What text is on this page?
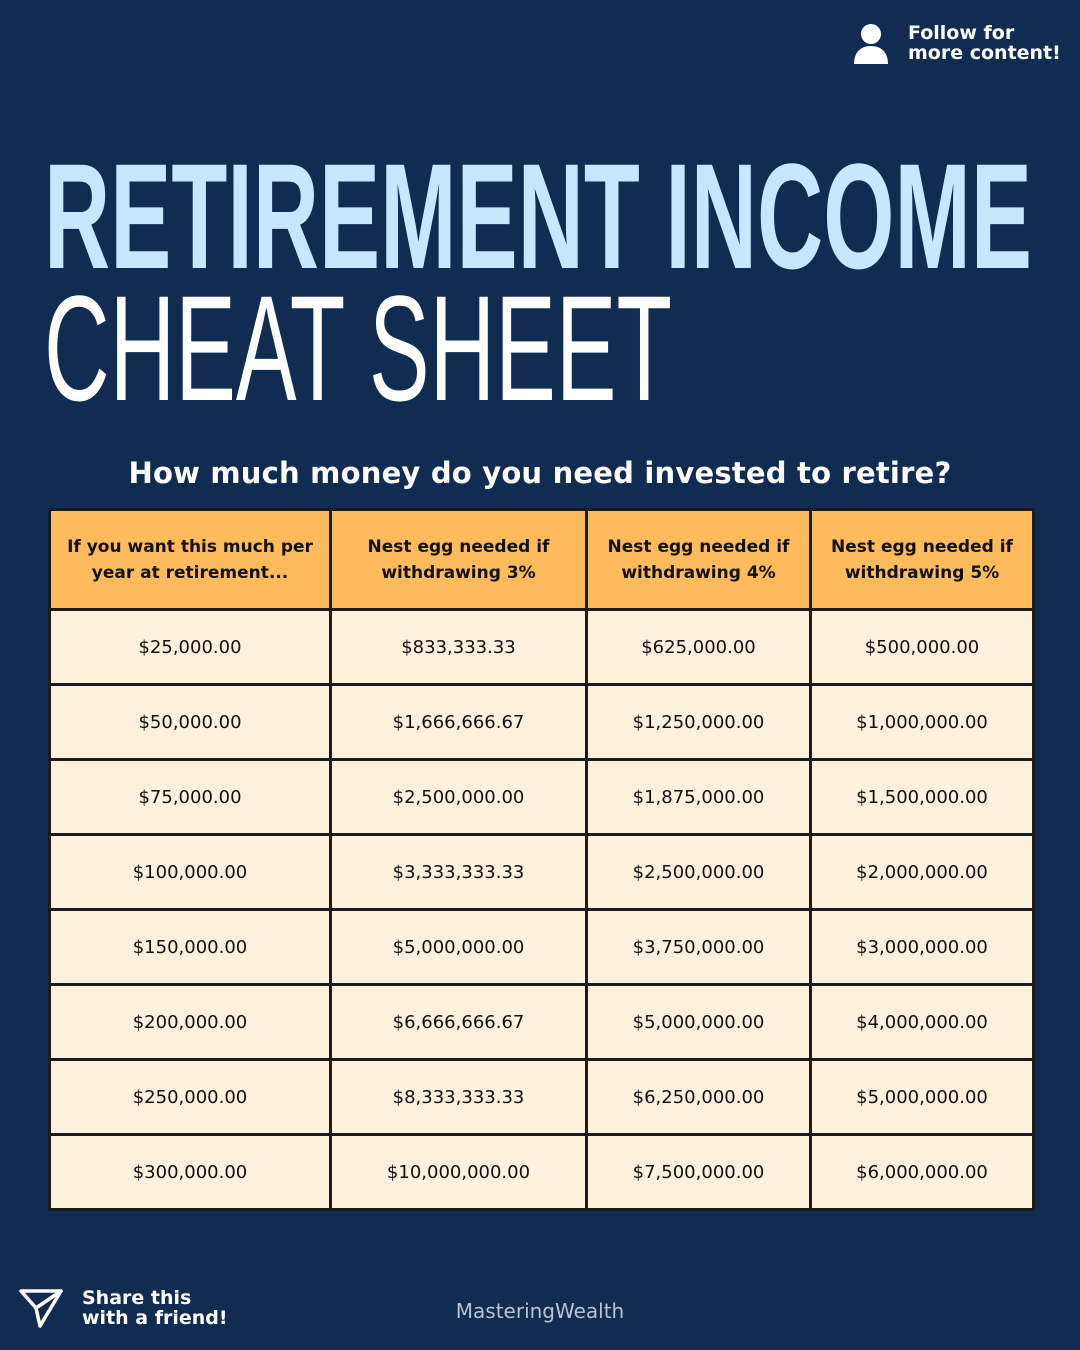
Follow for
more content!
RETIREMENT INCOME
CHEAT SHEET
How much money do you need invested to retire?
If you want this much per year at retirement...	Nest egg needed if withdrawing 3%	Nest egg needed if withdrawing 4%	Nest egg needed if withdrawing 5%
$25,000.00	$833,333.33	$625,000.00	$500,000.00
$50,000.00	$1,666,666.67	$1,250,000.00	$1,000,000.00
$75,000.00	$2,500,000.00	$1,875,000.00	$1,500,000.00
$100,000.00	$3,333,333.33	$2,500,000.00	$2,000,000.00
$150,000.00	$5,000,000.00	$3,750,000.00	$3,000,000.00
$200,000.00	$6,666,666.67	$5,000,000.00	$4,000,000.00
$250,000.00	$8,333,333.33	$6,250,000.00	$5,000,000.00
$300,000.00	$10,000,000.00	$7,500,000.00	$6,000,000.00
Share this
with a friend!	MasteringWealth
